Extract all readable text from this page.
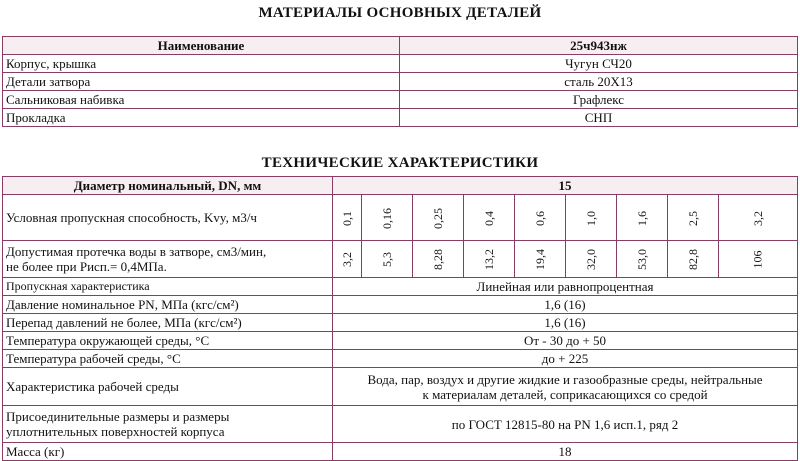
МАТЕРИАЛЫ ОСНОВНЫХ ДЕТАЛЕЙ
Наименование	25ч943нж
Корпус, крышка	Чугун СЧ20
Детали затвора	сталь 20Х13
Сальниковая набивка	Графлекс
Прокладка	СНП
ТЕХНИЧЕСКИЕ ХАРАКТЕРИСТИКИ
Диаметр номинальный, DN, мм	15								
Условная пропускная способность, Kvy, м3/ч	0,1	0,16	0,25	0,4	0,6	1,0	1,6	2,5	3,2

Допустимая протечка воды в затворе, см3/мин,
не более при Рисп.= 0,4МПа.	3,2	5,3	8,28	13,2	19,4	32,0	53,0	82,8	106
Пропускная характеристика	Линейная или равнопроцентная								
Давление номинальное PN, МПа (кгс/см²)	1,6 (16)								
Перепад давлений не более, МПа (кгс/см²)	1,6 (16)								
Температура окружающей среды, °С	От - 30 до + 50								
Температура рабочей среды, °С	до + 225								
Характеристика рабочей среды	Вода, пар, воздух и другие жидкие и газообразные среды, нейтральные
к материалам деталей, соприкасающихся со средой								

Присоединительные размеры и размеры
уплотнительных поверхностей корпуса	по ГОСТ 12815-80 на PN 1,6 исп.1, ряд 2								
Масса (кг)	18								
